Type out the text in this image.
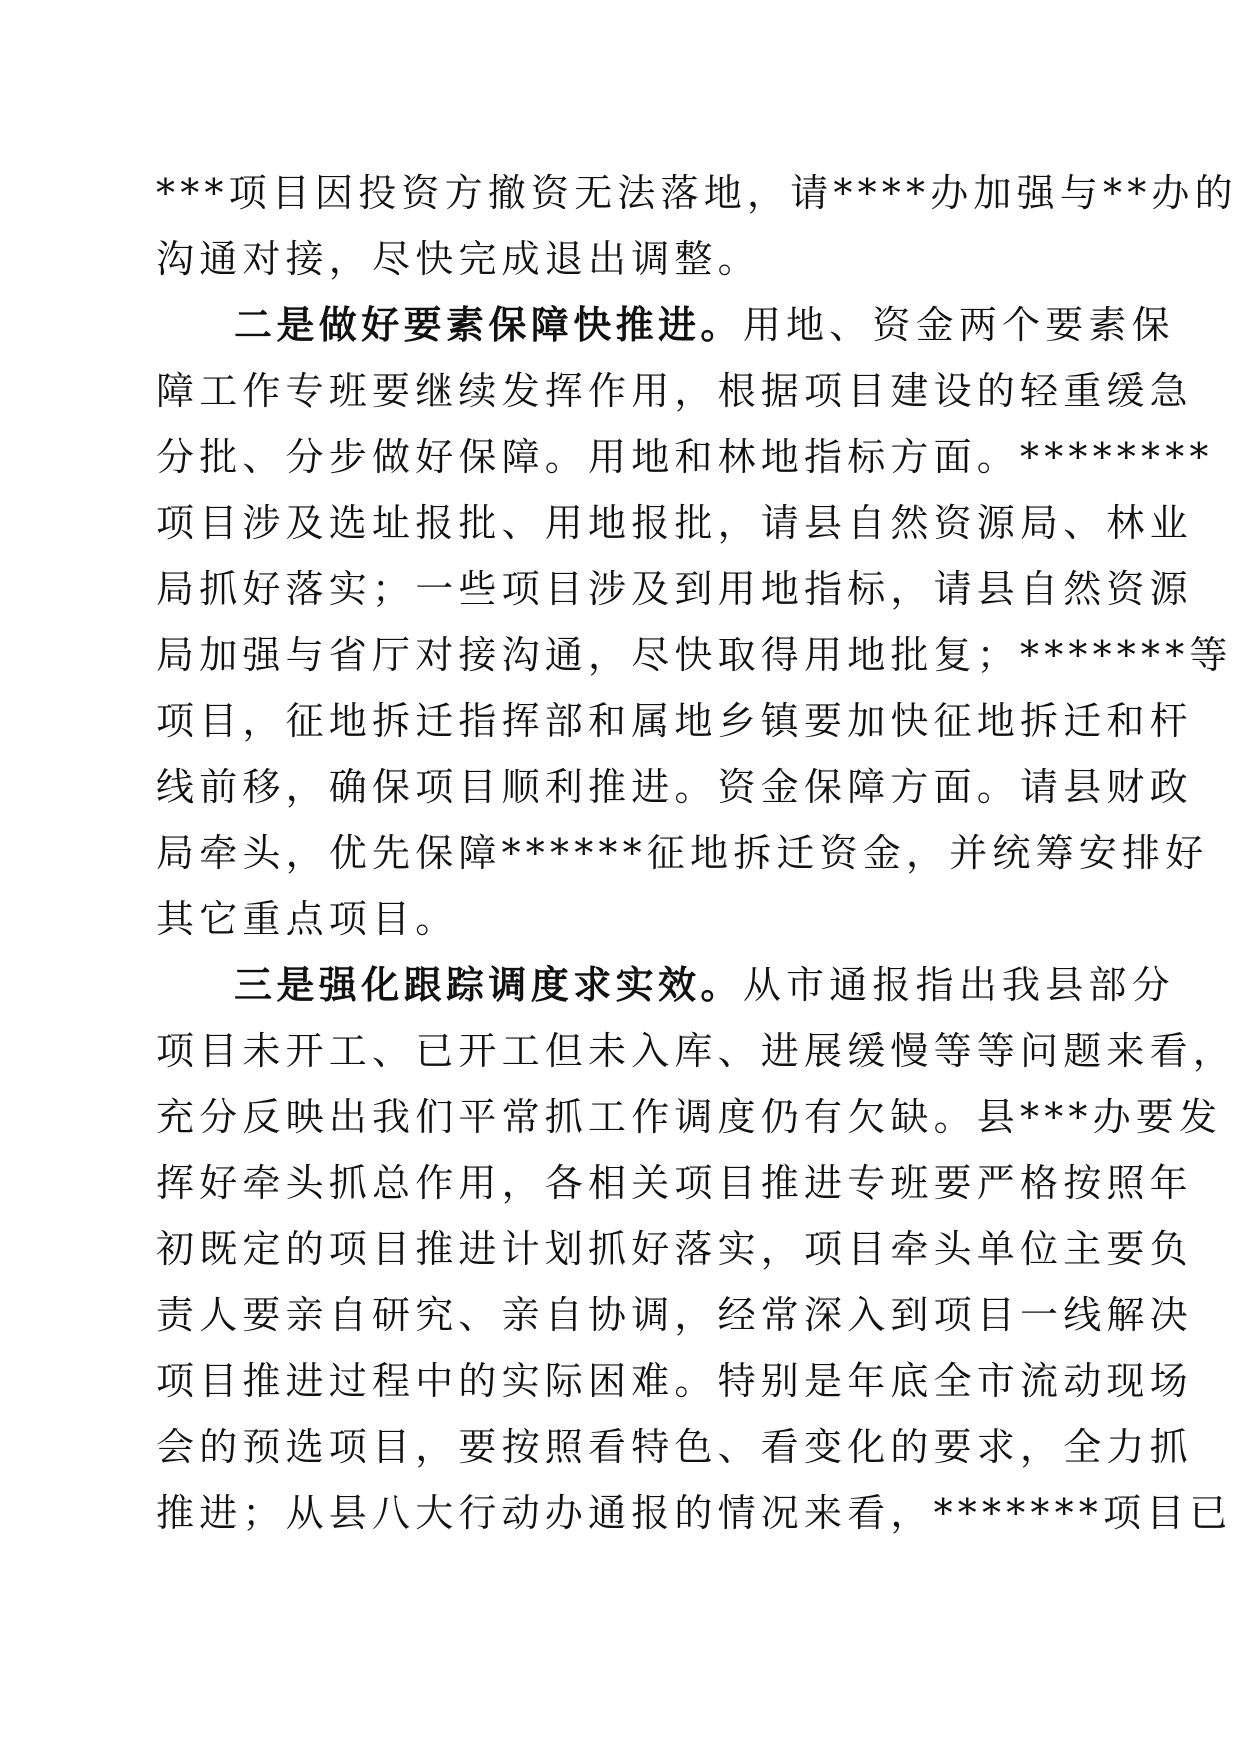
***项目因投资方撤资无法落地，请****办加强与**办的
沟通对接，尽快完成退出调整。
二是做好要素保障快推进。用地、资金两个要素保
障工作专班要继续发挥作用，根据项目建设的轻重缓急
分批、分步做好保障。用地和林地指标方面。********
项目涉及选址报批、用地报批，请县自然资源局、林业
局抓好落实；一些项目涉及到用地指标，请县自然资源
局加强与省厅对接沟通，尽快取得用地批复；*******等
项目，征地拆迁指挥部和属地乡镇要加快征地拆迁和杆
线前移，确保项目顺利推进。资金保障方面。请县财政
局牵头，优先保障******征地拆迁资金，并统筹安排好
其它重点项目。
三是强化跟踪调度求实效。从市通报指出我县部分
项目未开工、已开工但未入库、进展缓慢等等问题来看，
充分反映出我们平常抓工作调度仍有欠缺。县***办要发
挥好牵头抓总作用，各相关项目推进专班要严格按照年
初既定的项目推进计划抓好落实，项目牵头单位主要负
责人要亲自研究、亲自协调，经常深入到项目一线解决
项目推进过程中的实际困难。特别是年底全市流动现场
会的预选项目，要按照看特色、看变化的要求，全力抓
推进；从县八大行动办通报的情况来看，*******项目已
